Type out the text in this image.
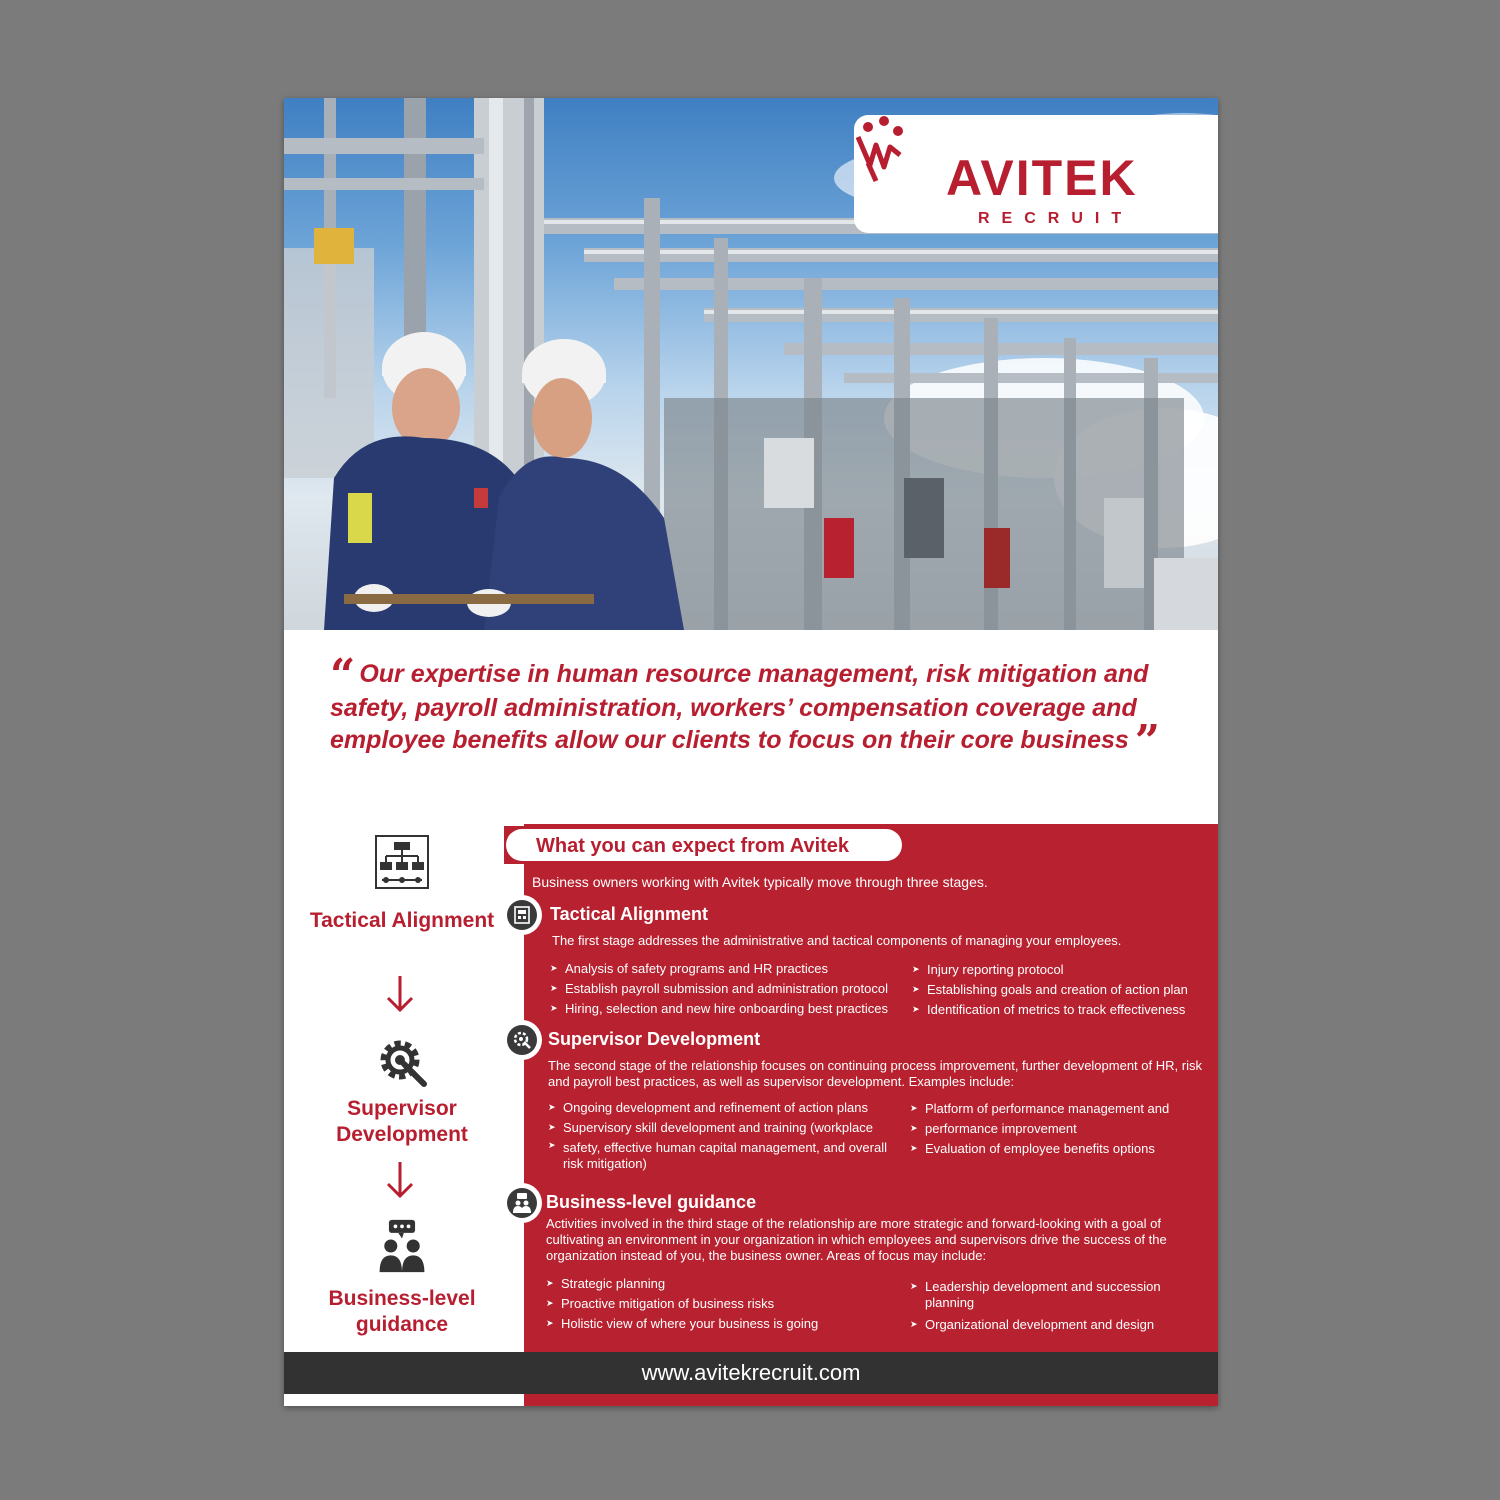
AVITEK
RECRUIT
“ Our expertise in human resource management, risk mitigation and safety, payroll administration, workers’ compensation coverage and employee benefits allow our clients to focus on their core business ”
Tactical Alignment
Supervisor Development
Business-level guidance
What you can expect from Avitek
Business owners working with Avitek typically move through three stages.
Tactical Alignment
The first stage addresses the administrative and tactical components of managing your employees.
➤ Analysis of safety programs and HR practices
➤ Establish payroll submission and administration protocol
➤ Hiring, selection and new hire onboarding best practices
➤ Injury reporting protocol
➤ Establishing goals and creation of action plan
➤ Identification of metrics to track effectiveness
Supervisor Development
The second stage of the relationship focuses on continuing process improvement, further development of HR, risk and payroll best practices, as well as supervisor development. Examples include:
➤ Ongoing development and refinement of action plans
➤ Supervisory skill development and training (workplace
➤ safety, effective human capital management, and overall risk mitigation)
➤ Platform of performance management and
➤ performance improvement
➤ Evaluation of employee benefits options
Business-level guidance
Activities involved in the third stage of the relationship are more strategic and forward-looking with a goal of cultivating an environment in your organization in which employees and supervisors drive the success of the organization instead of you, the business owner. Areas of focus may include:
➤ Strategic planning
➤ Proactive mitigation of business risks
➤ Holistic view of where your business is going
➤ Leadership development and succession planning
➤ Organizational development and design
www.avitekrecruit.com
